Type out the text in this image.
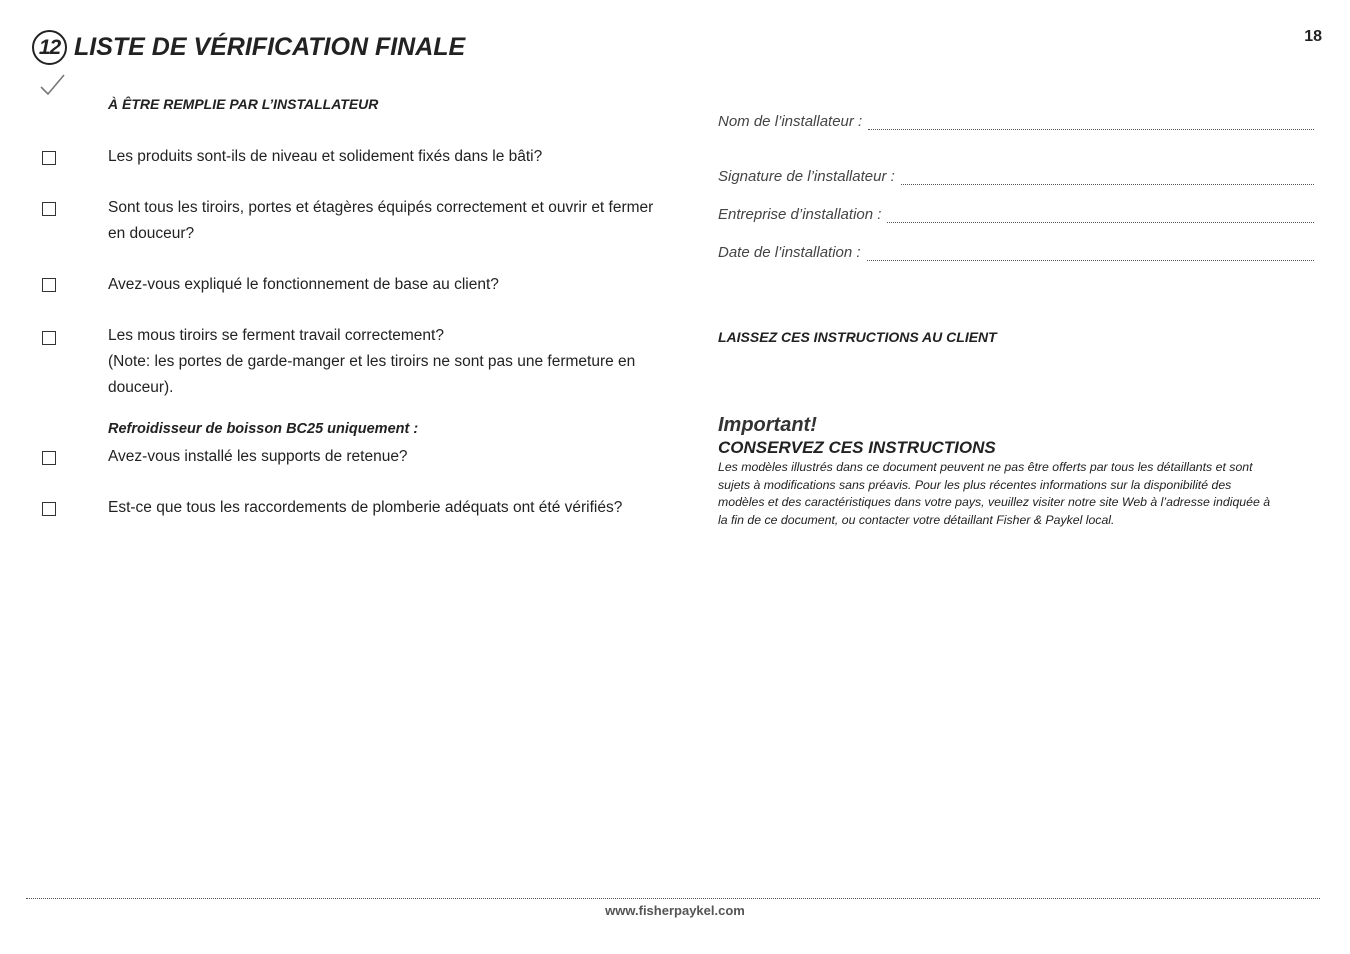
12 LISTE DE VÉRIFICATION FINALE	18
À ÊTRE REMPLIE PAR L’INSTALLATEUR
Les produits sont-ils de niveau et solidement fixés dans le bâti?
Sont tous les tiroirs, portes et étagères équipés correctement et ouvrir et fermer en douceur?
Avez-vous expliqué le fonctionnement de base au client?
Les mous tiroirs se ferment travail correctement?
(Note: les portes de garde-manger et les tiroirs ne sont pas une fermeture en douceur).
Refroidisseur de boisson BC25 uniquement :
Avez-vous installé les supports de retenue?
Est-ce que tous les raccordements de plomberie adéquats ont été vérifiés?
Nom de l’installateur :
Signature de l’installateur :
Entreprise d’installation :
Date de l’installation :
LAISSEZ CES INSTRUCTIONS AU CLIENT
Important!
CONSERVEZ CES INSTRUCTIONS
Les modèles illustrés dans ce document peuvent ne pas être offerts par tous les détaillants et sont sujets à modifications sans préavis. Pour les plus récentes informations sur la disponibilité des modèles et des caractéristiques dans votre pays, veuillez visiter notre site Web à l’adresse indiquée à la fin de ce document, ou contacter votre détaillant Fisher & Paykel local.
www.fisherpaykel.com
